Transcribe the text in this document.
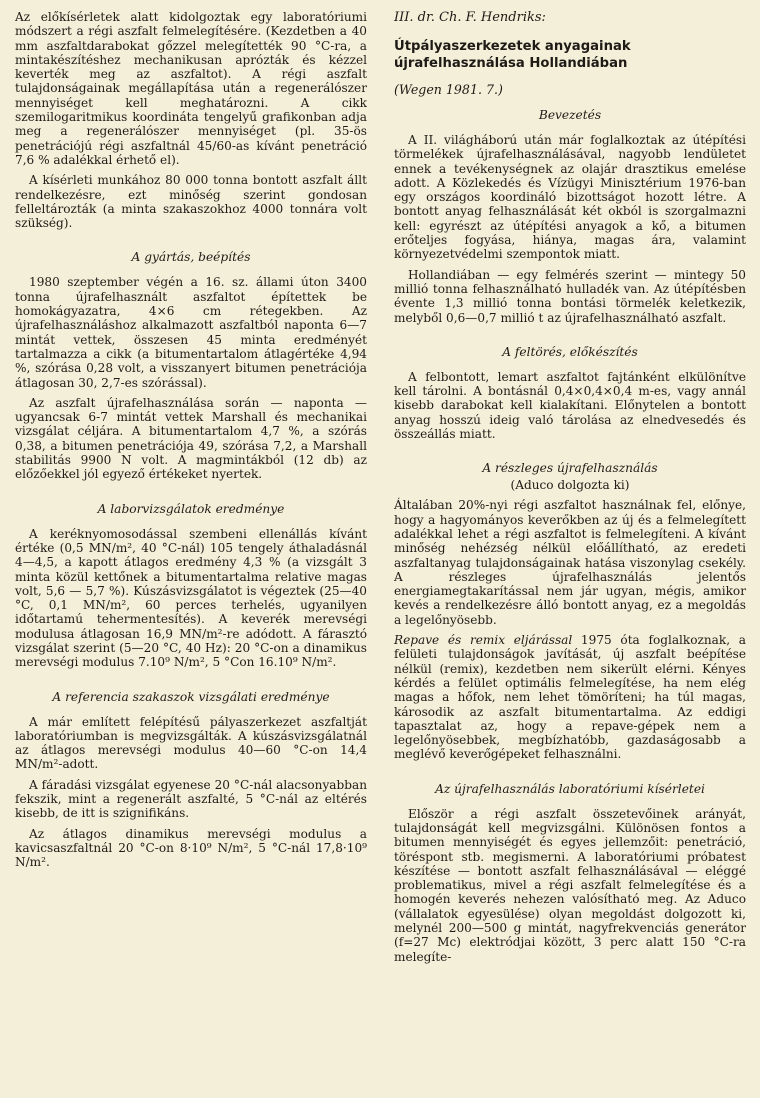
Az előkísérletek alatt kidolgoztak egy laboratóriumi módszert a régi aszfalt felmelegítésére. (Kezdetben a 40 mm aszfaltdarabokat gőzzel melegítették 90 °C-ra, a mintakészítéshez mechanikusan aprózták és kézzel keverték meg az aszfaltot). A régi aszfalt tulajdonságainak megállapítása után a regenerálószer mennyiséget kell meghatározni. A cikk szemilogaritmikus koordináta tengelyű grafikonban adja meg a regenerálószer mennyiséget (pl. 35-ös penetrációjú régi aszfaltnál 45/60-as kívánt penetráció 7,6 % adalékkal érhető el).

A kísérleti munkához 80 000 tonna bontott aszfalt állt rendelkezésre, ezt minőség szerint gondosan felleltározták (a minta szakaszokhoz 4000 tonnára volt szükség).

A gyártás, beépítés

1980 szeptember végén a 16. sz. állami úton 3400 tonna újrafelhasznált aszfaltot építettek be homokágyazatra, 4×6 cm rétegekben. Az újrafelhasználáshoz alkalmazott aszfaltból naponta 6—7 mintát vettek, összesen 45 minta eredményét tartalmazza a cikk (a bitumentartalom átlagértéke 4,94 %, szórása 0,28 volt, a visszanyert bitumen penetrációja átlagosan 30, 2,7-es szórással).

Az aszfalt újrafelhasználása során — naponta — ugyancsak 6-7 mintát vettek Marshall és mechanikai vizsgálat céljára. A bitumentartalom 4,7 %, a szórás 0,38, a bitumen penetrációja 49, szórása 7,2, a Marshall stabilitás 9900 N volt. A magmintákból (12 db) az előzőekkel jól egyező értékeket nyertek.

A laborvizsgálatok eredménye

A keréknyomosodással szembeni ellenállás kívánt értéke (0,5 MN/m², 40 °C-nál) 105 tengely áthaladásnál 4—4,5, a kapott átlagos eredmény 4,3 % (a vizsgált 3 minta közül kettőnek a bitumentartalma relative magas volt, 5,6 — 5,7 %). Kúszásvizsgálatot is végeztek (25—40 °C, 0,1 MN/m², 60 perces terhelés, ugyanilyen időtartamú tehermentesítés). A keverék merevségi modulusa átlagosan 16,9 MN/m²-re adódott. A fárasztó vizsgálat szerint (5—20 °C, 40 Hz): 20 °C-on a dinamikus merevségi modulus 7.10⁹ N/m², 5 °Con 16.10⁹ N/m².

A referencia szakaszok vizsgálati eredménye

A már említett felépítésű pályaszerkezet aszfaltját laboratóriumban is megvizsgálták. A kúszásvizsgálatnál az átlagos merevségi modulus 40—60 °C-on 14,4 MN/m²-adott.

A fáradási vizsgálat egyenese 20 °C-nál alacsonyabban fekszik, mint a regenerált aszfalté, 5 °C-nál az eltérés kisebb, de itt is szignifikáns.

Az átlagos dinamikus merevségi modulus a kavicsaszfaltnál 20 °C-on 8·10⁹ N/m², 5 °C-nál 17,8·10⁹ N/m².

III. dr. Ch. F. Hendriks:
Útpályaszerkezetek anyagainak újrafelhasználása Hollandiában
(Wegen 1981. 7.)
Bevezetés

A II. világháború után már foglalkoztak az útépítési törmelékek újrafelhasználásával, nagyobb lendületet ennek a tevékenységnek az olajár drasztikus emelése adott. A Közlekedés és Vízügyi Minisztérium 1976-ban egy országos koordináló bizottságot hozott létre. A bontott anyag felhasználását két okból is szorgalmazni kell: egyrészt az útépítési anyagok a kő, a bitumen erőteljes fogyása, hiánya, magas ára, valamint környezetvédelmi szempontok miatt.

Hollandiában — egy felmérés szerint — mintegy 50 millió tonna felhasználható hulladék van. Az útépítésben évente 1,3 millió tonna bontási törmelék keletkezik, melyből 0,6—0,7 millió t az újrafelhasználható aszfalt.

A feltörés, előkészítés

A felbontott, lemart aszfaltot fajtánként elkülönítve kell tárolni. A bontásnál 0,4×0,4×0,4 m-es, vagy annál kisebb darabokat kell kialakítani. Előnytelen a bontott anyag hosszú ideig való tárolása az elnedvesedés és összeállás miatt.

A részleges újrafelhasználás
(Aduco dolgozta ki)

Általában 20%-nyi régi aszfaltot használnak fel, előnye, hogy a hagyományos keverőkben az új és a felmelegített adalékkal lehet a régi aszfaltot is felmelegíteni. A kívánt minőség nehézség nélkül előállítható, az eredeti aszfaltanyag tulajdonságainak hatása viszonylag csekély. A részleges újrafelhasználás jelentős energiamegtakarítással nem jár ugyan, mégis, amikor kevés a rendelkezésre álló bontott anyag, ez a megoldás a legelőnyösebb.

Repave és remix eljárással 1975 óta foglalkoznak, a felületi tulajdonságok javítását, új aszfalt beépítése nélkül (remix), kezdetben nem sikerült elérni. Kényes kérdés a felület optimális felmelegítése, ha nem elég magas a hőfok, nem lehet tömöríteni; ha túl magas, károsodik az aszfalt bitumentartalma. Az eddigi tapasztalat az, hogy a repave-gépek nem a legelőnyösebbek, megbízhatóbb, gazdaságosabb a meglévő keverőgépeket felhasználni.

Az újrafelhasználás laboratóriumi kísérletei

Először a régi aszfalt összetevőinek arányát, tulajdonságát kell megvizsgálni. Különösen fontos a bitumen mennyiségét és egyes jellemzőit: penetráció, töréspont stb. megismerni. A laboratóriumi próbatest készítése — bontott aszfalt felhasználásával — eléggé problematikus, mivel a régi aszfalt felmelegítése és a homogén keverés nehezen valósítható meg. Az Aduco (vállalatok egyesülése) olyan megoldást dolgozott ki, melynél 200—500 g mintát, nagyfrekvenciás generátor (f=27 Mc) elektródjai között, 3 perc alatt 150 °C-ra melegíte-
